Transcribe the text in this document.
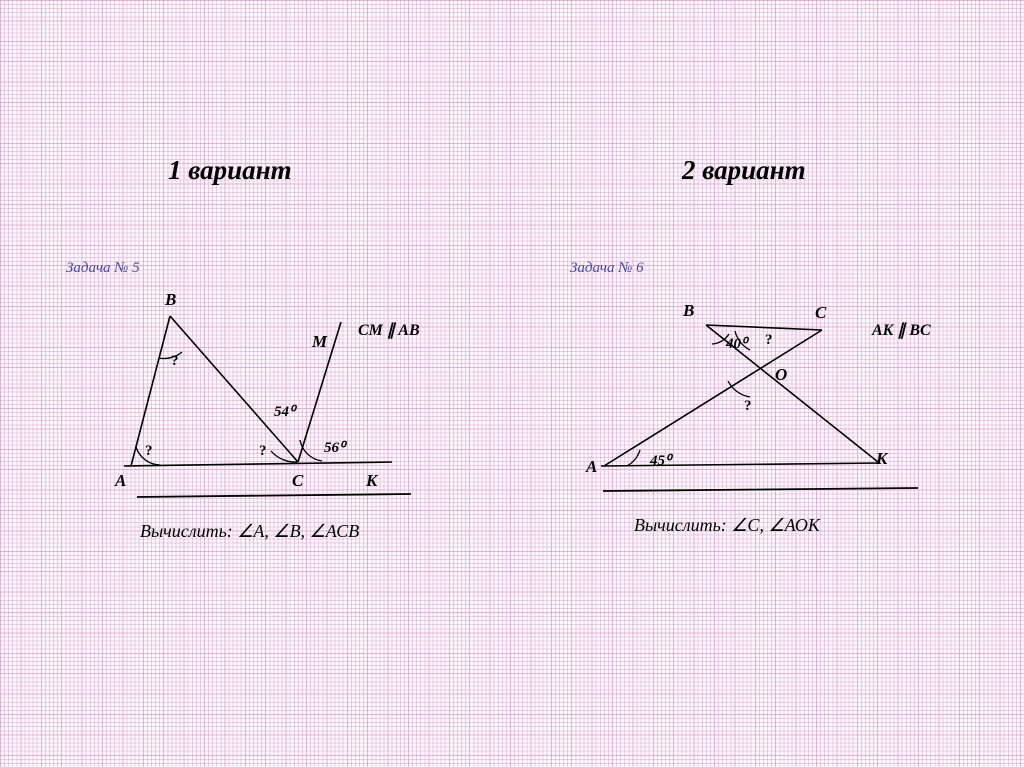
1 вариант	2 вариант
Задача № 5	Задача № 6
CM ∥ AB	AK ∥ BC
Вычислить: ∠А, ∠В, ∠АСВ	Вычислить: ∠С, ∠АОК
B
M
A	C	K
?
?	?
54⁰
56⁰
B	C
O
A	K
40⁰ ?
?
45⁰
